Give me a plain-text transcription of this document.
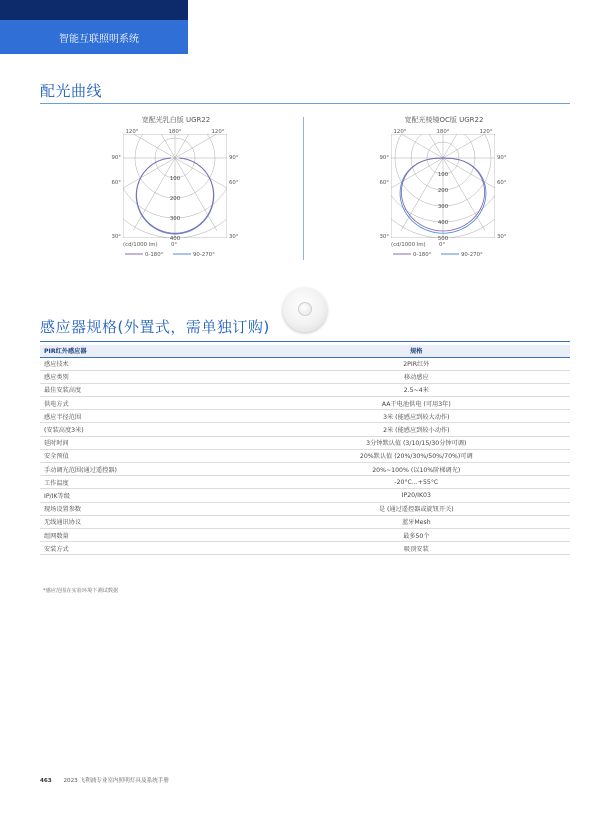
智能互联照明系统
配光曲线
宽配光乳白版 UGR22
100
200
300
400
120°	180°	120°
90°
60°
30°
90°
60°
30°
(cd/1000 lm) 0°
0-180°	90-270°
宽配光棱镜OC版 UGR22
100
200
300
400
500
120°	180°	120°
90°
60°
30°
90°
60°
30°
(cd/1000 lm) 0°
0-180°	90-270°
感应器规格(外置式，需单独订购)
PIR红外感应器	规格
感应技术	2PIR红外
感应类别	移动感应
最佳安装高度	2.5~4米
供电方式	AA干电池供电 (可用3年)
感应半径范围	3米 (能感应到较大动作)
(安装高度3米)	2米 (能感应到较小动作)
延时时间	3分钟默认值 (3/10/15/30分钟可调)
安全预值	20%默认值 (20%/30%/50%/70%)可调
手动调光范围(通过遥控器)	20%~100% (以10%阶梯调光)
工作温度	-20°C...+55°C
IP/IK等级	IP20/IK03
现场设置参数	是 (通过遥控器或旋钮开关)
无线通讯协议	蓝牙Mesh
组网数量	最多50个
安装方式	吸顶安装
*感应范围在实验环境下测试数据
463 2023 飞利浦专业室内照明灯具及系统手册
